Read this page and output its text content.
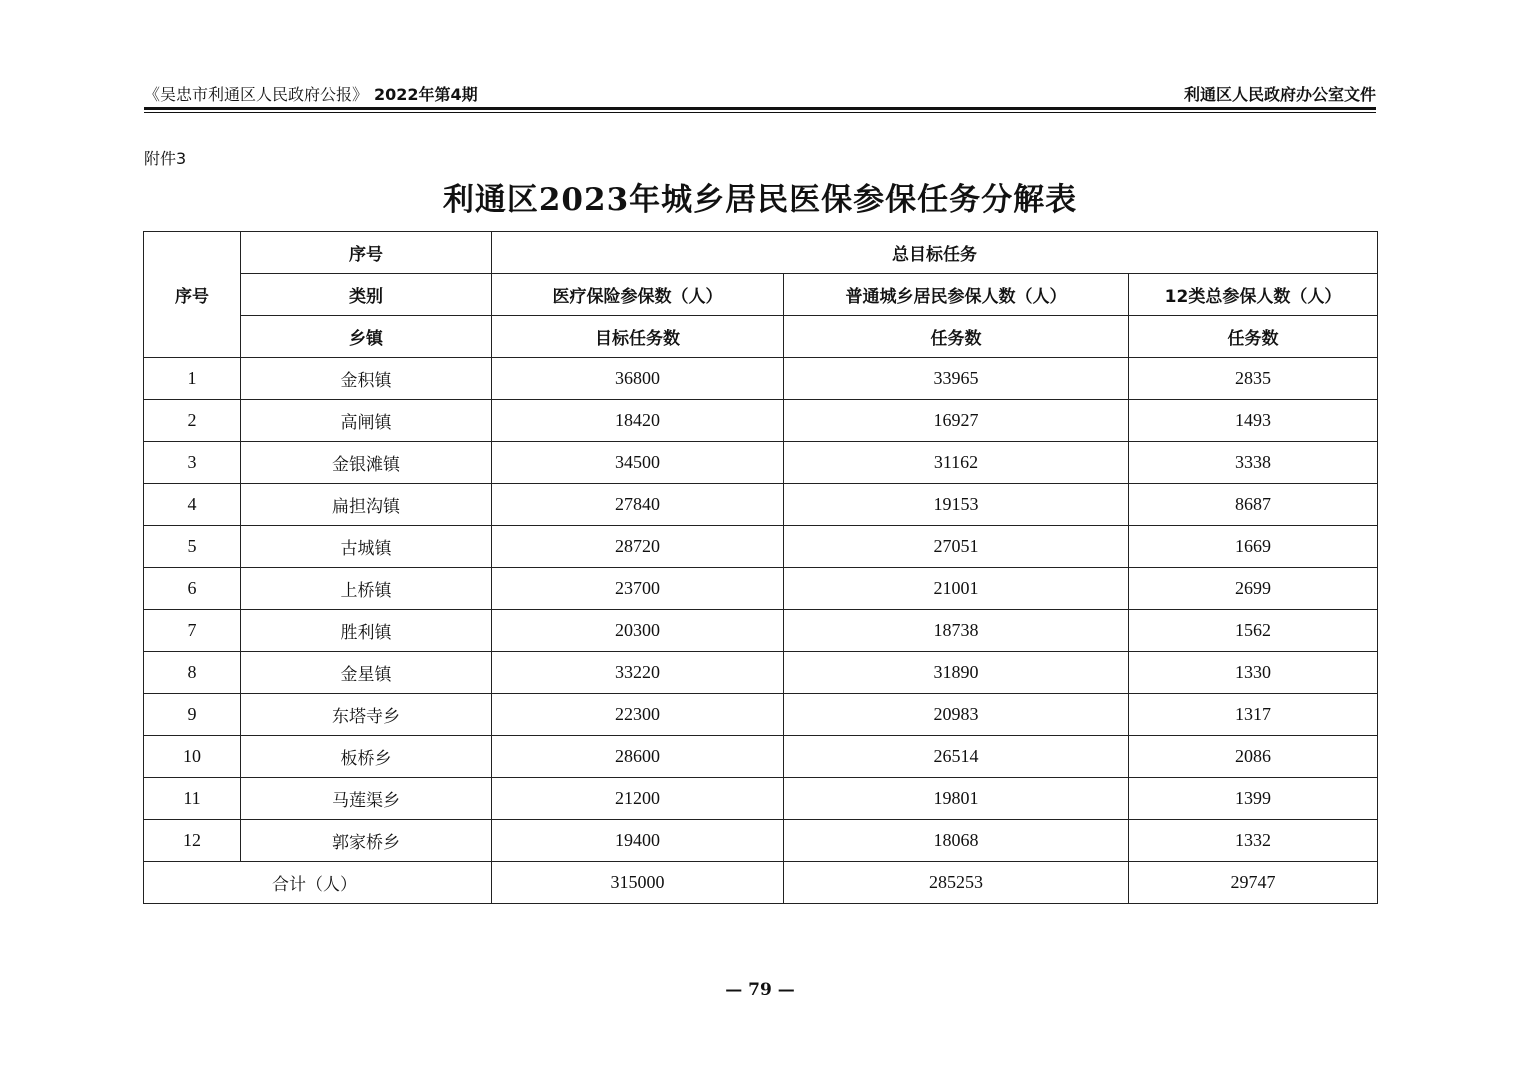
《吴忠市利通区人民政府公报》 2022年第4期	利通区人民政府办公室文件
附件3
利通区2023年城乡居民医保参保任务分解表
序号	序号	总目标任务		
	类别	医疗保险参保数（人）	普通城乡居民参保人数（人）	12类总参保人数（人）
	乡镇	目标任务数	任务数	任务数
1	金积镇	36800	33965	2835
2	高闸镇	18420	16927	1493
3	金银滩镇	34500	31162	3338
4	扁担沟镇	27840	19153	8687
5	古城镇	28720	27051	1669
6	上桥镇	23700	21001	2699
7	胜利镇	20300	18738	1562
8	金星镇	33220	31890	1330
9	东塔寺乡	22300	20983	1317
10	板桥乡	28600	26514	2086
11	马莲渠乡	21200	19801	1399
12	郭家桥乡	19400	18068	1332
合计（人）		315000	285253	29747
— 79 —
